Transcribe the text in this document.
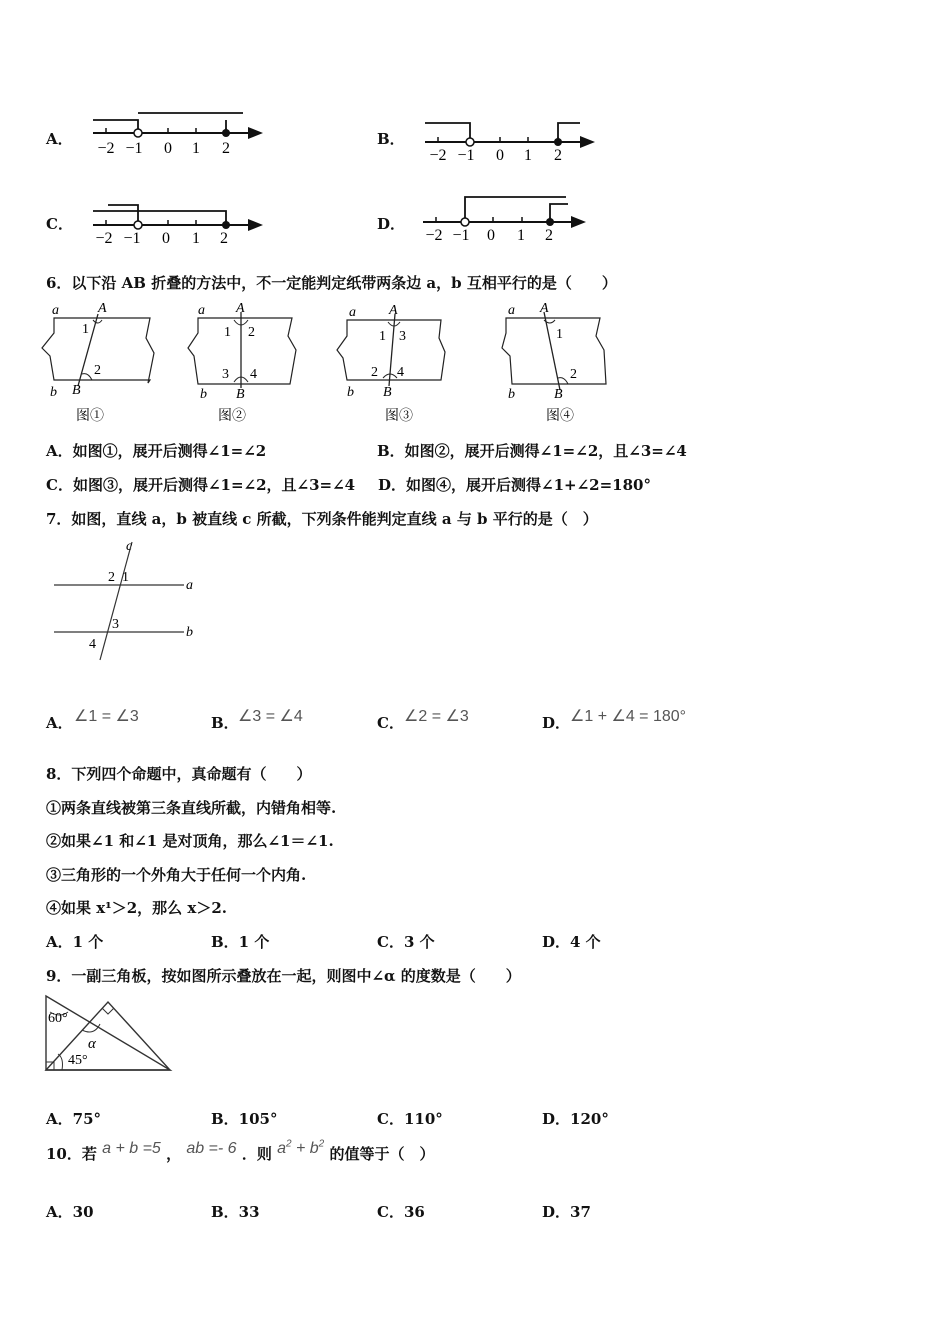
A．
−2 −1 0 1 2
B．
−2 −1 0 1 2
C．
−2 −1 0 1 2
D．
−2 −1 0 1 2
6．以下沿 AB 折叠的方法中，不一定能判定纸带两条边 a，b 互相平行的是（　　）
a	A
1
2
b B
图①
a A
1 2
3 4
b B
图②
a A
1 3
2 4
b B
图③
a A
1
2
b	B
图④
A．如图①，展开后测得∠1=∠2	B．如图②，展开后测得∠1=∠2，且∠3=∠4
C．如图③，展开后测得∠1=∠2，且∠3=∠4 D．如图④，展开后测得∠1+∠2=180°
7．如图，直线 a，b 被直线 c 所截，下列条件能判定直线 a 与 b 平行的是（　）
c
a
b
2 1
3
4
A． ∠1 = ∠3	B． ∠3 = ∠4	C． ∠2 = ∠3	D． ∠1 + ∠4 = 180°
8．下列四个命题中，真命题有（　　）
①两条直线被第三条直线所截，内错角相等.
②如果∠1 和∠1 是对顶角，那么∠1＝∠1.
③三角形的一个外角大于任何一个内角.
④如果 x¹＞2，那么 x＞2.
A．1 个	B．1 个	C．3 个	D．4 个
9．一副三角板，按如图所示叠放在一起，则图中∠α 的度数是（　　）
60°
45°
α
A．75°	B．105°	C．110°	D．120°
10．若 a + b =5 ， ab =- 6 ．则 $a^2 + b^2$ 的值等于（　）
A．30	B．33	C．36	D．37
